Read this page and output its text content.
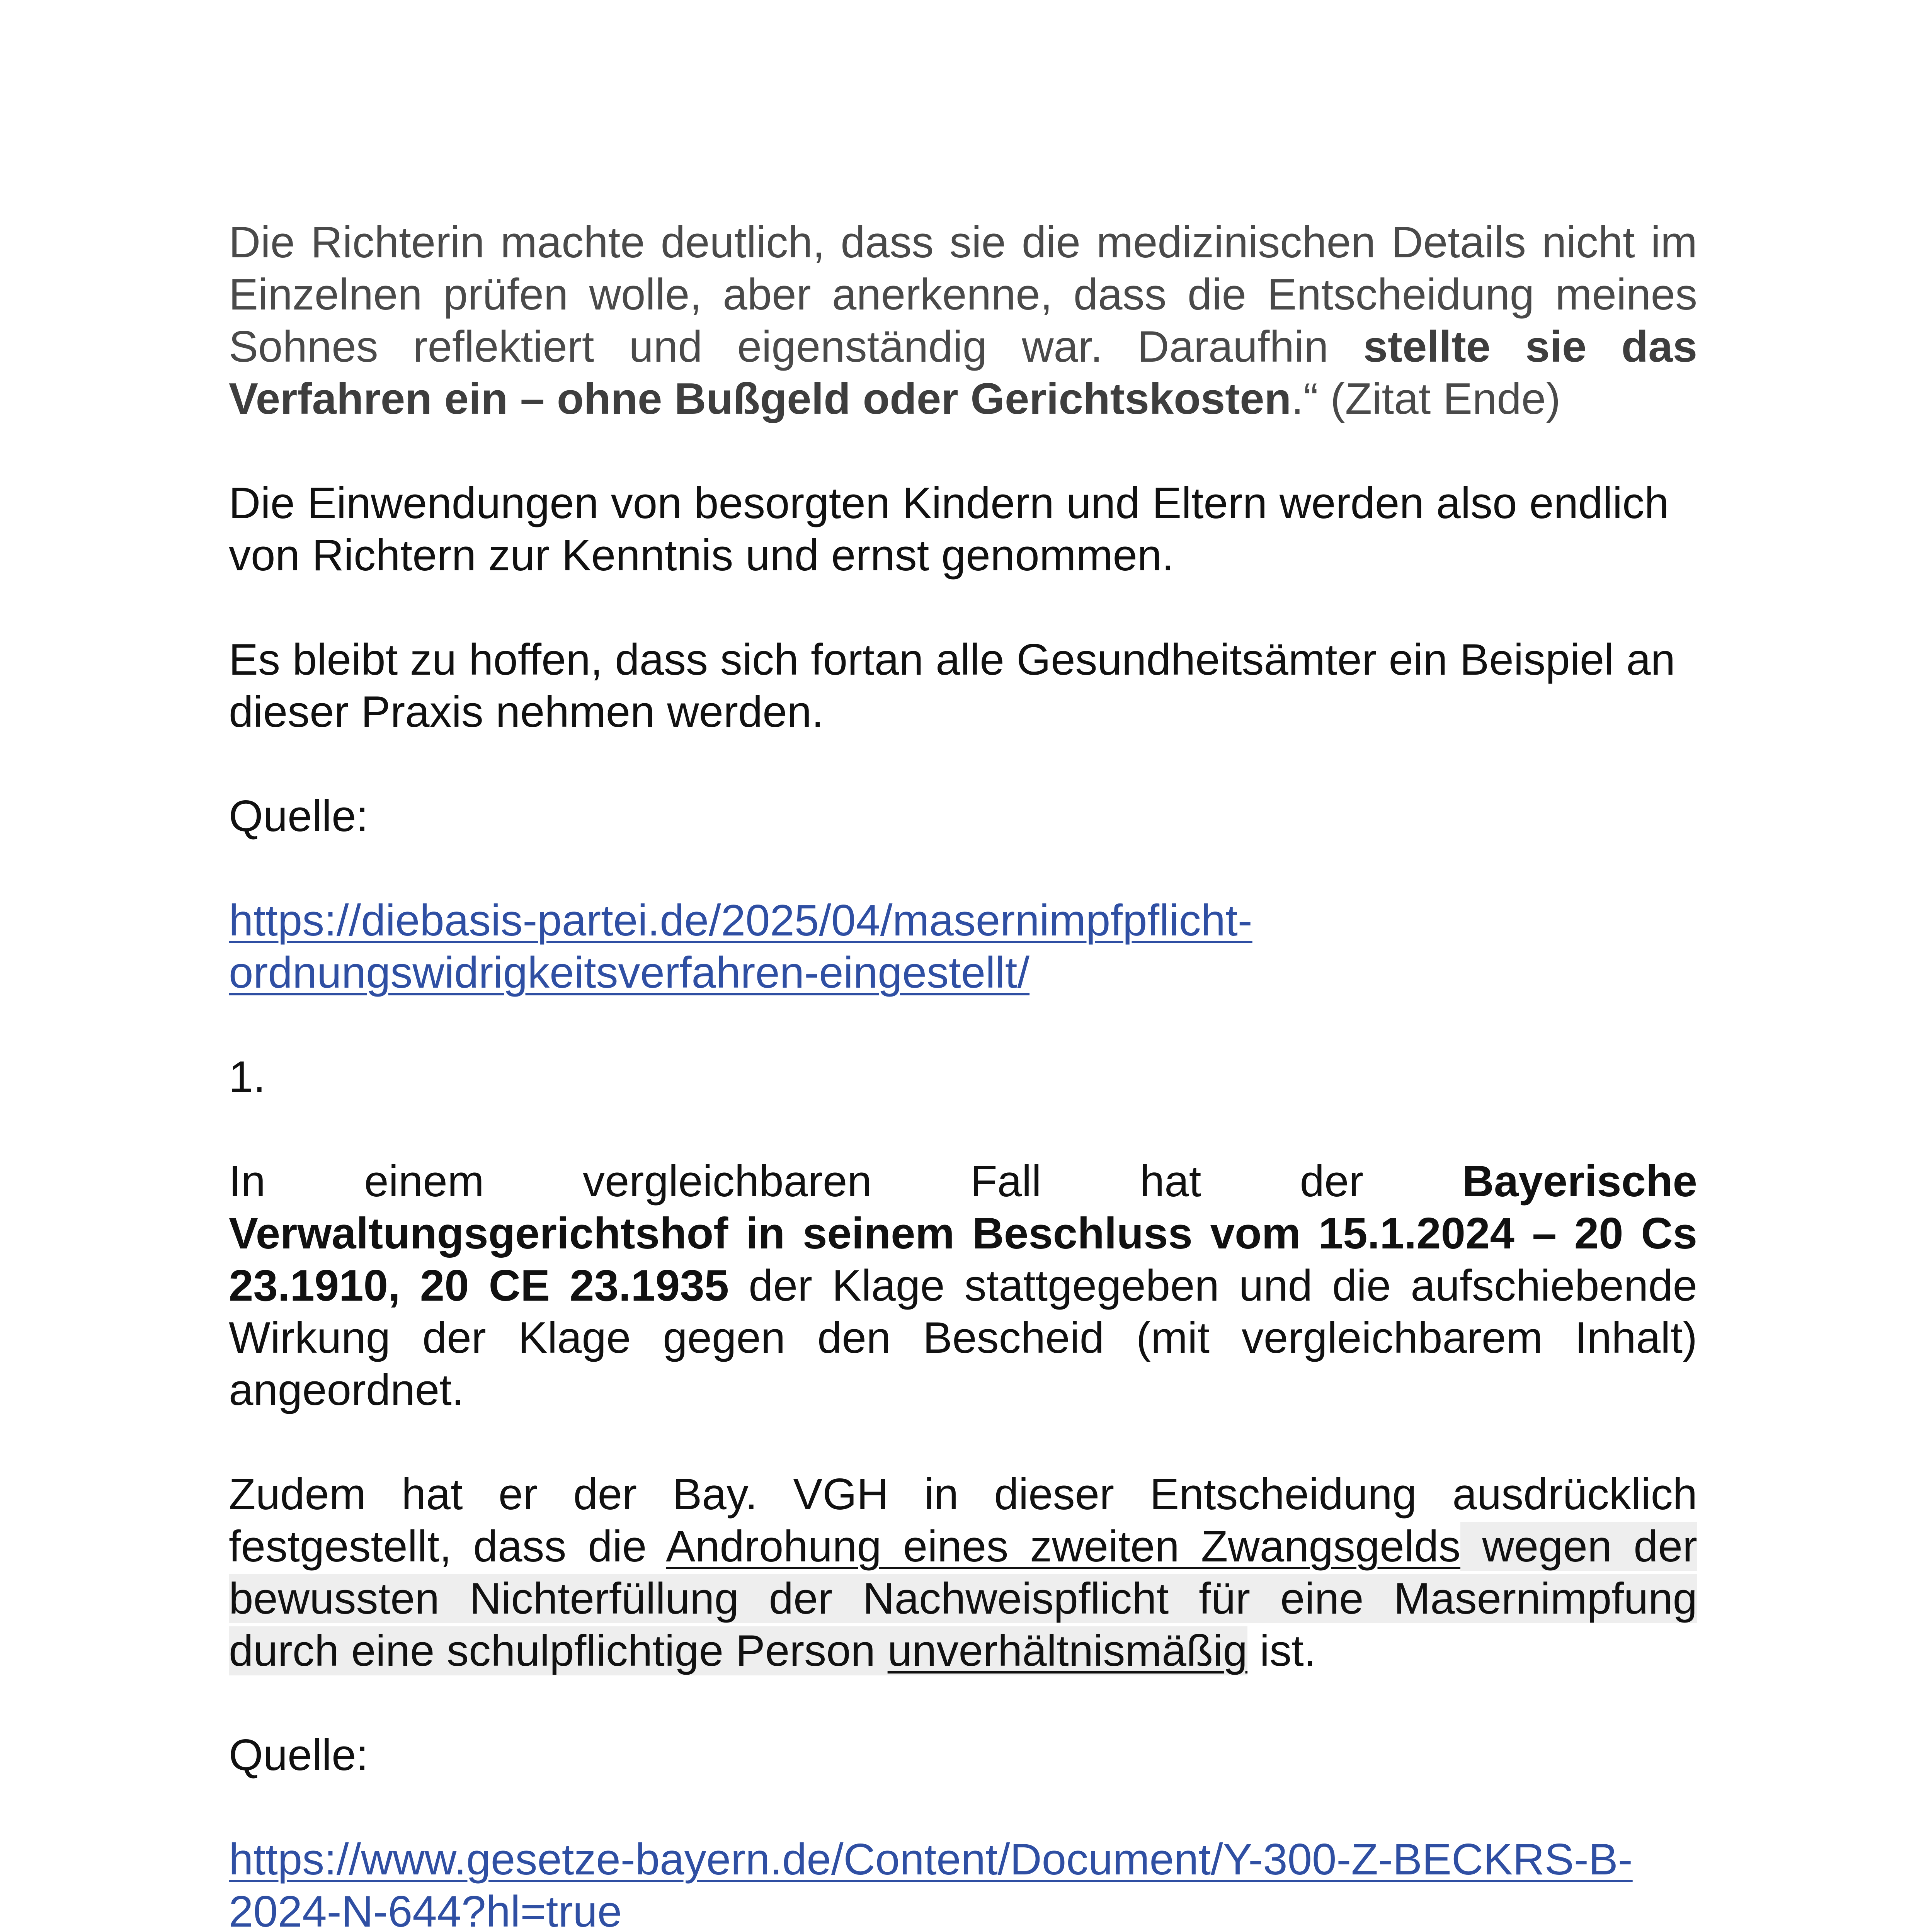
Die Richterin machte deutlich, dass sie die medizinischen Details nicht im Einzelnen prüfen wolle, aber anerkenne, dass die Entscheidung meines Sohnes reflektiert und eigenständig war. Daraufhin stellte sie das Verfahren ein – ohne Bußgeld oder Gerichtskosten.“ (Zitat Ende)

Die Einwendungen von besorgten Kindern und Eltern werden also endlich von Richtern zur Kenntnis und ernst genommen.

Es bleibt zu hoffen, dass sich fortan alle Gesundheitsämter ein Beispiel an dieser Praxis nehmen werden.

Quelle:

https://diebasis-partei.de/2025/04/masernimpfpflicht-
ordnungswidrigkeitsverfahren-eingestellt/

1.

In einem vergleichbaren Fall hat der Bayerische
Verwaltungsgerichtshof in seinem Beschluss vom 15.1.2024 – 20 Cs 23.1910, 20 CE 23.1935 der Klage stattgegeben und die aufschiebende Wirkung der Klage gegen den Bescheid (mit vergleichbarem Inhalt) angeordnet.

Zudem hat er der Bay. VGH in dieser Entscheidung ausdrücklich festgestellt, dass die Androhung eines zweiten Zwangsgelds wegen der bewussten Nichterfüllung der Nachweispflicht für eine Masernimpfung durch eine schulpflichtige Person unverhältnismäßig ist.

Quelle:

https://www.gesetze-bayern.de/Content/Document/Y-300-Z-BECKRS-B-
2024-N-644?hl=true
